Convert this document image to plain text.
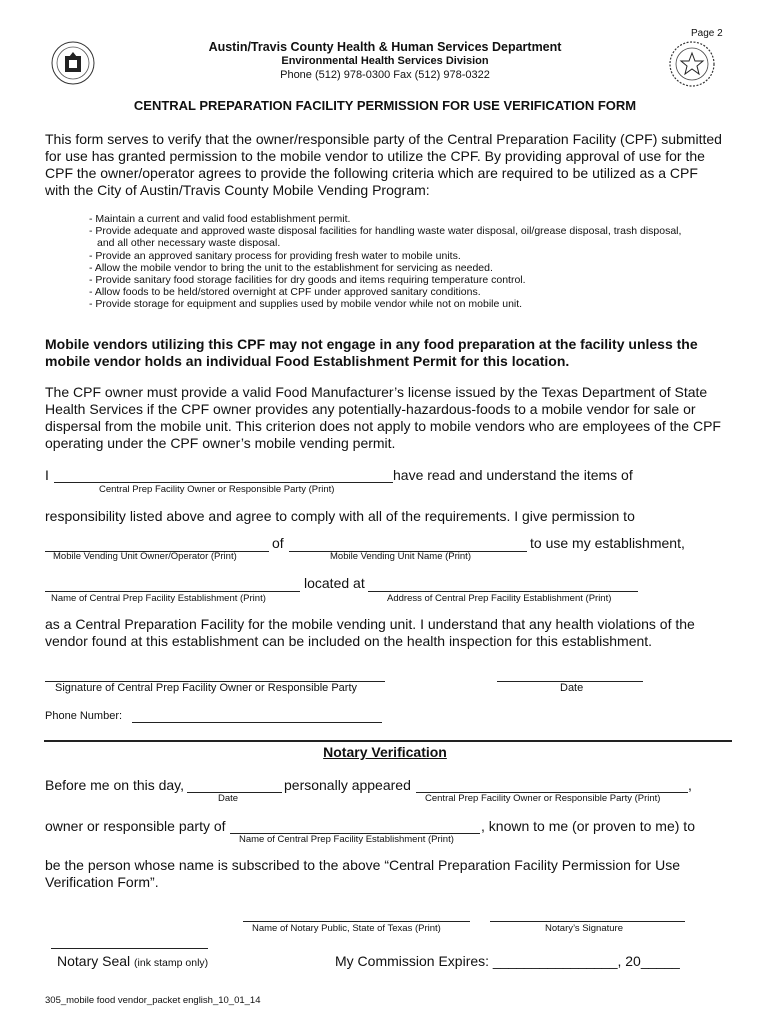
Page 2
Austin/Travis County Health & Human Services Department
Environmental Health Services Division
Phone (512) 978-0300 Fax (512) 978-0322
CENTRAL PREPARATION FACILITY PERMISSION FOR USE VERIFICATION FORM
This form serves to verify that the owner/responsible party of the Central Preparation Facility (CPF) submitted for use has granted permission to the mobile vendor to utilize the CPF. By providing approval of use for the CPF the owner/operator agrees to provide the following criteria which are required to be utilized as a CPF with the City of Austin/Travis County Mobile Vending Program:
- Maintain a current and valid food establishment permit.
- Provide adequate and approved waste disposal facilities for handling waste water disposal, oil/grease disposal, trash disposal, and all other necessary waste disposal.
- Provide an approved sanitary process for providing fresh water to mobile units.
- Allow the mobile vendor to bring the unit to the establishment for servicing as needed.
- Provide sanitary food storage facilities for dry goods and items requiring temperature control.
- Allow foods to be held/stored overnight at CPF under approved sanitary conditions.
- Provide storage for equipment and supplies used by mobile vendor while not on mobile unit.
Mobile vendors utilizing this CPF may not engage in any food preparation at the facility unless the mobile vendor holds an individual Food Establishment Permit for this location.
The CPF owner must provide a valid Food Manufacturer’s license issued by the Texas Department of State Health Services if the CPF owner provides any potentially-hazardous-foods to a mobile vendor for sale or dispersal from the mobile unit. This criterion does not apply to mobile vendors who are employees of the CPF operating under the CPF owner’s mobile vending permit.
I	have read and understand the items of
Central Prep Facility Owner or Responsible Party (Print)
responsibility listed above and agree to comply with all of the requirements. I give permission to
of	to use my establishment,
Mobile Vending Unit Owner/Operator (Print)	Mobile Vending Unit Name (Print)
located at
Name of Central Prep Facility Establishment (Print)	Address of Central Prep Facility Establishment (Print)
as a Central Preparation Facility for the mobile vending unit. I understand that any health violations of the vendor found at this establishment can be included on the health inspection for this establishment.
Signature of Central Prep Facility Owner or Responsible Party	Date
Phone Number:
Notary Verification
Before me on this day,	personally appeared	,
Date	Central Prep Facility Owner or Responsible Party (Print)
owner or responsible party of	, known to me (or proven to me) to
Name of Central Prep Facility Establishment (Print)
be the person whose name is subscribed to the above “Central Preparation Facility Permission for Use Verification Form”.
Name of Notary Public, State of Texas (Print)	Notary’s Signature
Notary Seal (ink stamp only)	My Commission Expires: ________________, 20_____
305_mobile food vendor_packet english_10_01_14
